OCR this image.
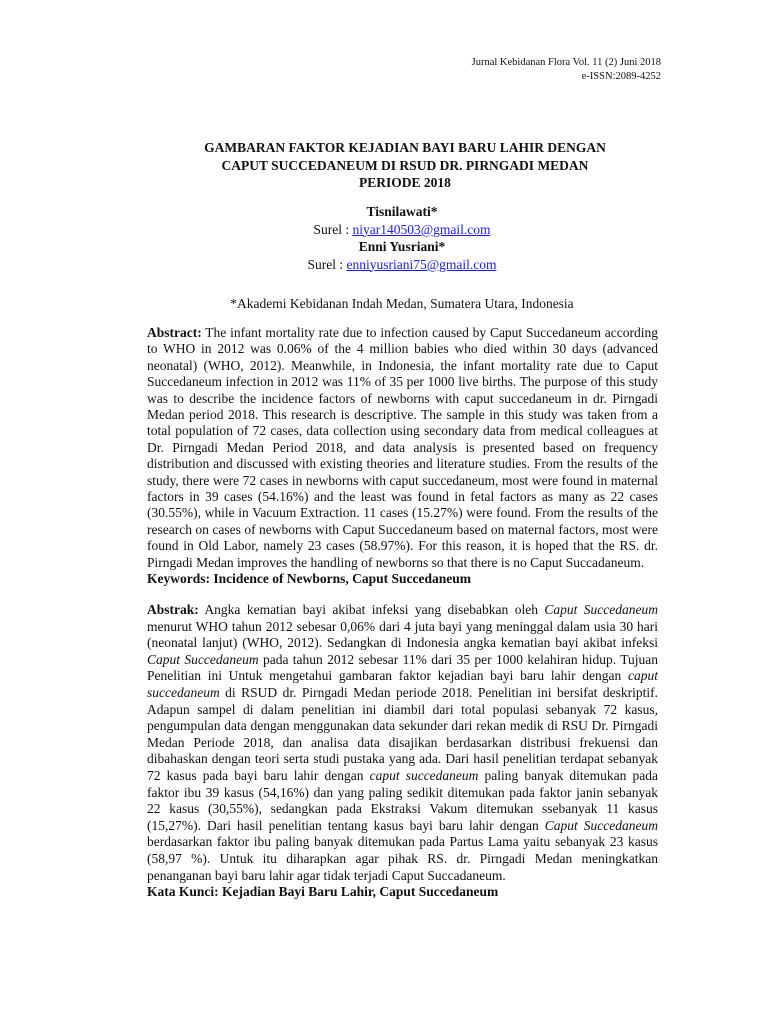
Jurnal Kebidanan Flora Vol. 11 (2) Juni 2018
e-ISSN:2089-4252
GAMBARAN FAKTOR KEJADIAN BAYI BARU LAHIR DENGAN
CAPUT SUCCEDANEUM DI RSUD DR. PIRNGADI MEDAN
PERIODE 2018
Tisnilawati*
Surel : niyar140503@gmail.com
Enni Yusriani*
Surel : enniyusriani75@gmail.com
*Akademi Kebidanan Indah Medan, Sumatera Utara, Indonesia

Abstract: The infant mortality rate due to infection caused by Caput Succedaneum according to WHO in 2012 was 0.06% of the 4 million babies who died within 30 days (advanced neonatal) (WHO, 2012). Meanwhile, in Indonesia, the infant mortality rate due to Caput Succedaneum infection in 2012 was 11% of 35 per 1000 live births. The purpose of this study was to describe the incidence factors of newborns with caput succedaneum in dr. Pirngadi Medan period 2018. This research is descriptive. The sample in this study was taken from a total population of 72 cases, data collection using secondary data from medical colleagues at Dr. Pirngadi Medan Period 2018, and data analysis is presented based on frequency distribution and discussed with existing theories and literature studies. From the results of the study, there were 72 cases in newborns with caput succedaneum, most were found in maternal factors in 39 cases (54.16%) and the least was found in fetal factors as many as 22 cases (30.55%), while in Vacuum Extraction. 11 cases (15.27%) were found. From the results of the research on cases of newborns with Caput Succedaneum based on maternal factors, most were found in Old Labor, namely 23 cases (58.97%). For this reason, it is hoped that the RS. dr. Pirngadi Medan improves the handling of newborns so that there is no Caput Succadaneum.

Keywords: Incidence of Newborns, Caput Succedaneum

Abstrak: Angka kematian bayi akibat infeksi yang disebabkan oleh Caput Succedaneum menurut WHO tahun 2012 sebesar 0,06% dari 4 juta bayi yang meninggal dalam usia 30 hari (neonatal lanjut) (WHO, 2012). Sedangkan di Indonesia angka kematian bayi akibat infeksi Caput Succedaneum pada tahun 2012 sebesar 11% dari 35 per 1000 kelahiran hidup. Tujuan Penelitian ini Untuk mengetahui gambaran faktor kejadian bayi baru lahir dengan caput succedaneum di RSUD dr. Pirngadi Medan periode 2018. Penelitian ini bersifat deskriptif. Adapun sampel di dalam penelitian ini diambil dari total populasi sebanyak 72 kasus, pengumpulan data dengan menggunakan data sekunder dari rekan medik di RSU Dr. Pirngadi Medan Periode 2018, dan analisa data disajikan berdasarkan distribusi frekuensi dan dibahaskan dengan teori serta studi pustaka yang ada. Dari hasil penelitian terdapat sebanyak 72 kasus pada bayi baru lahir dengan caput succedaneum paling banyak ditemukan pada faktor ibu 39 kasus (54,16%) dan yang paling sedikit ditemukan pada faktor janin sebanyak 22 kasus (30,55%), sedangkan pada Ekstraksi Vakum ditemukan ssebanyak 11 kasus (15,27%). Dari hasil penelitian tentang kasus bayi baru lahir dengan Caput Succedaneum berdasarkan faktor ibu paling banyak ditemukan pada Partus Lama yaitu sebanyak 23 kasus (58,97 %). Untuk itu diharapkan agar pihak RS. dr. Pirngadi Medan meningkatkan penanganan bayi baru lahir agar tidak terjadi Caput Succadaneum.

Kata Kunci: Kejadian Bayi Baru Lahir, Caput Succedaneum
